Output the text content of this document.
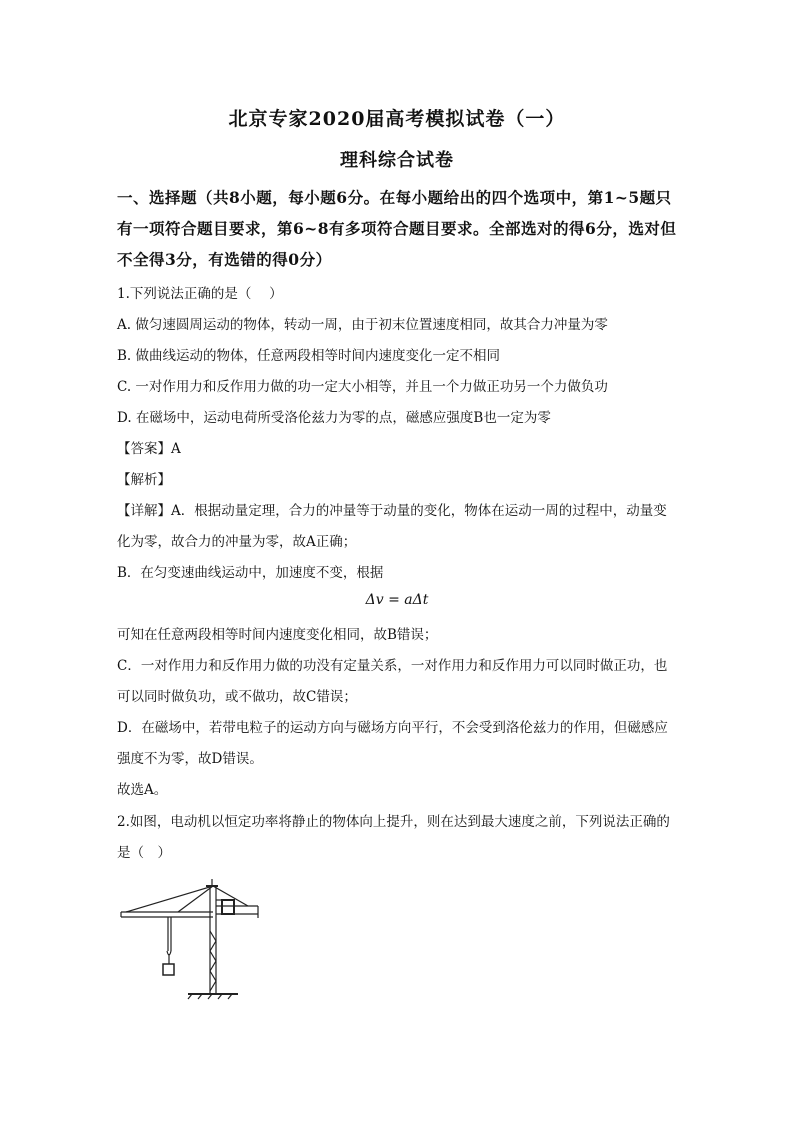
北京专家2020届高考模拟试卷（一）
理科综合试卷
一、选择题（共8小题，每小题6分。在每小题给出的四个选项中，第1~5题只
有一项符合题目要求，第6~8有多项符合题目要求。全部选对的得6分，选对但
不全得3分，有选错的得0分）
1.下列说法正确的是（　 ）
A. 做匀速圆周运动的物体，转动一周，由于初末位置速度相同，故其合力冲量为零
B. 做曲线运动的物体，任意两段相等时间内速度变化一定不相同
C. 一对作用力和反作用力做的功一定大小相等，并且一个力做正功另一个力做负功
D. 在磁场中，运动电荷所受洛伦兹力为零的点，磁感应强度B也一定为零
【答案】A
【解析】
【详解】A．根据动量定理，合力的冲量等于动量的变化，物体在运动一周的过程中，动量变
化为零，故合力的冲量为零，故A正确；
B．在匀变速曲线运动中，加速度不变，根据
Δv = aΔt
可知在任意两段相等时间内速度变化相同，故B错误；
C．一对作用力和反作用力做的功没有定量关系，一对作用力和反作用力可以同时做正功，也
可以同时做负功，或不做功，故C错误；
D．在磁场中，若带电粒子的运动方向与磁场方向平行，不会受到洛伦兹力的作用，但磁感应
强度不为零，故D错误。
故选A。
2.如图，电动机以恒定功率将静止的物体向上提升，则在达到最大速度之前，下列说法正确的
是（　）
